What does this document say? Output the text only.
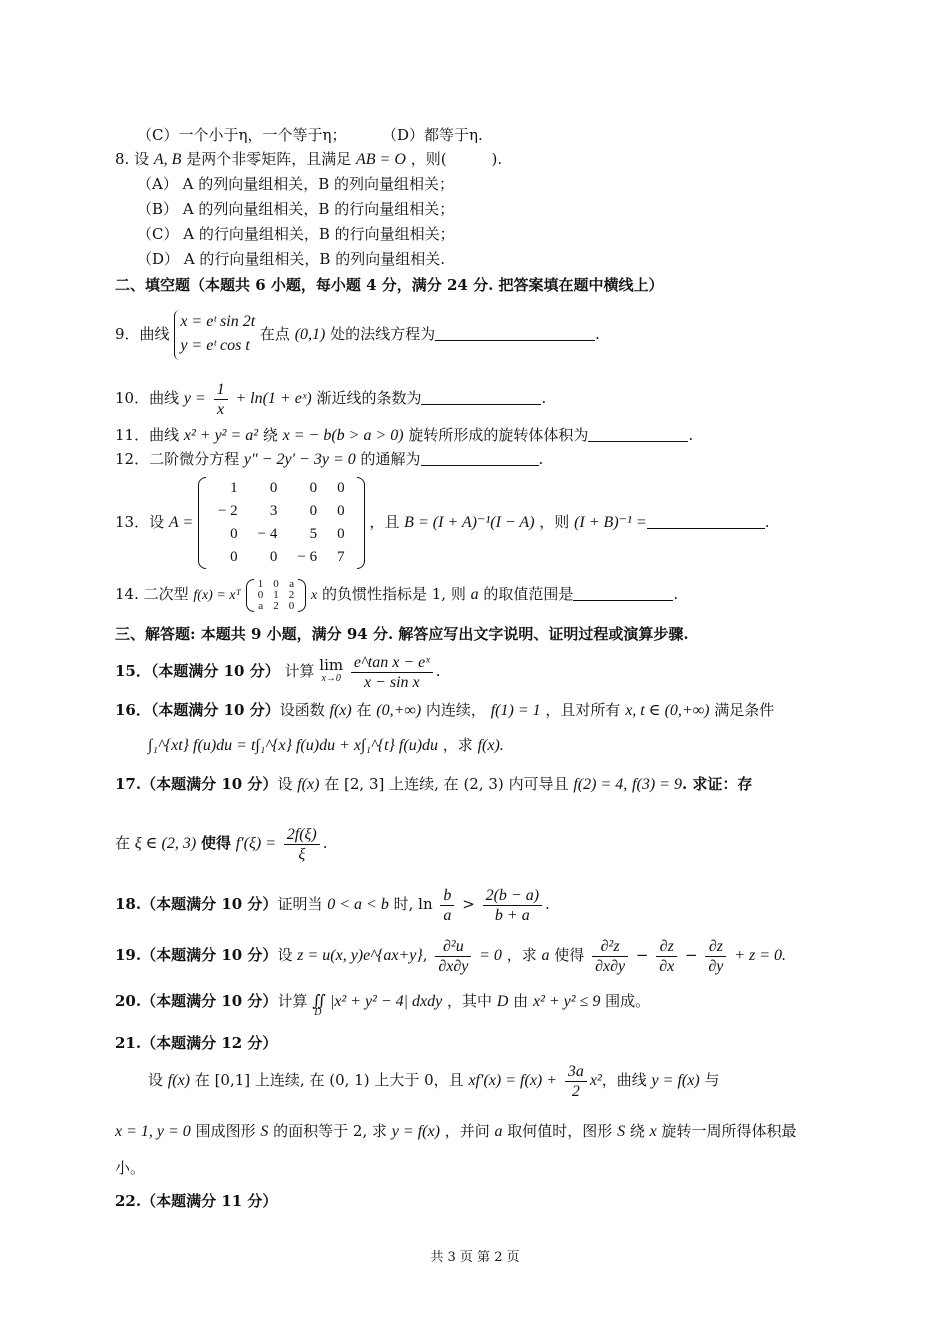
（C）一个小于η，一个等于η； （D）都等于η.
8. 设 A, B 是两个非零矩阵，且满足 AB = O ，则(　　　).
（A） A 的列向量组相关，B 的列向量组相关；
（B） A 的列向量组相关，B 的行向量组相关；
（C） A 的行向量组相关，B 的行向量组相关；
（D） A 的行向量组相关，B 的列向量组相关.
二、填空题（本题共 6 小题，每小题 4 分，满分 24 分. 把答案填在题中横线上）
9．曲线
x = eᵗ sin 2t
y = eᵗ cos t
在点 (0,1) 处的法线方程为	.
10．曲线 $y = \frac{1}{x} + \ln(1$ + eˣ) 渐近线的条数为	.
11．曲线 x² + y² = a² 绕 x = − b(b > a > 0) 旋转所形成的旋转体体积为	.
12．二阶微分方程 y″ − 2y′ − 3y = 0 的通解为	.
13．设 A =
1	0	0	0
− 2	3	0	0
0	− 4	5	0
0	0	− 6	7
，且 B = (I + A)⁻¹(I − A) ，则 (I + B)⁻¹ =	.
14. 二次型 f(x) = xᵀ
1	0	a
0	1	2
a	2	0
x 的负惯性指标是 1, 则 a 的取值范围是	.
三、解答题: 本题共 9 小题，满分 94 分. 解答应写出文字说明、证明过程或演算步骤.
15．（本题满分 10 分） 计算 lim
x→0
$\frac{\text{e\textasciicircum{}tan x − eˣ}}{\text{x − sin x}}$ .
16．（本题满分 10 分）设函数 f(x) 在 (0,+∞) 内连续， f(1) = 1 ，且对所有 x, t ∈ (0,+∞) 满足条件
∫₁^{xt} f(u)du = t∫₁^{x} f(u)du + x∫₁^{t} f(u)du ，求 f(x).
17.（本题满分 10 分）设 f(x) 在 [2, 3] 上连续, 在 (2, 3) 内可导且 f(2) = 4, f(3) = 9. 求证：存
在 ξ ∈ (2, 3) 使得 $f'(\xi) = \frac{2f(\xi)}{\xi}$ .
18.（本题满分 10 分）证明当 0 < a < b 时, $\ln \frac{b}{a} > \frac{2(b - a)}{b + a}$ .
19.（本题满分 10 分）设 z = u(x, y)e^{ax+y}, $\frac{\text{∂²u}}{\partial x\partial y} = 0$ ，求 a 使得 $\frac{\text{∂²z}}{\partial x\partial y} - \frac{\partial z}{\partial x} - \frac{\partial z}{\partial y} + z = 0$.
20.（本题满分 10 分）计算 ∬ |x² + y² − 4| dxdy
D
，其中 D 由 x² + y² ≤ 9 围成。
21.（本题满分 12 分）
设 f(x) 在 [0,1] 上连续, 在 (0, 1) 上大于 0，且 $xf'(x) = f(x) + \frac{3a}{2} x^2$，曲线 y = f(x) 与
x = 1, y = 0 围成图形 S 的面积等于 2, 求 y = f(x) ，并问 a 取何值时，图形 S 绕 x 旋转一周所得体积最
小。
22.（本题满分 11 分）
共 3 页 第 2 页
